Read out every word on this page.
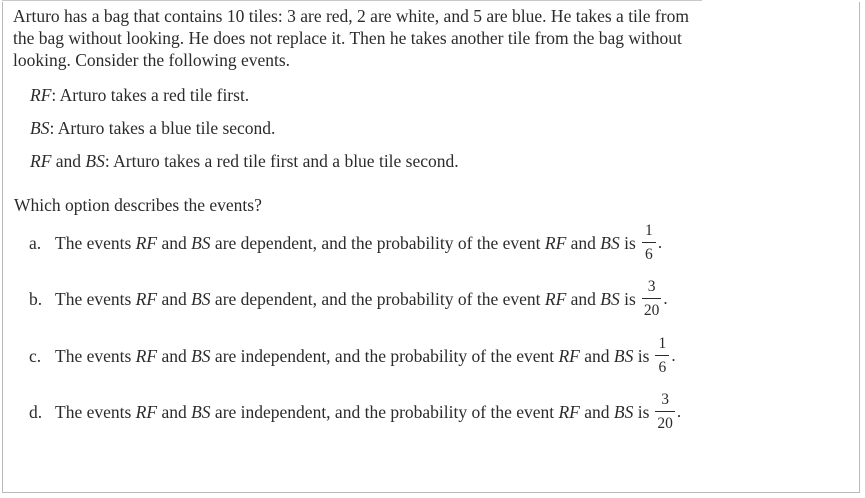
Arturo has a bag that contains 10 tiles: 3 are red, 2 are white, and 5 are blue. He takes a tile from the bag without looking. He does not replace it. Then he takes another tile from the bag without looking. Consider the following events.

RF: Arturo takes a red tile first.

BS: Arturo takes a blue tile second.

RF and BS: Arturo takes a red tile first and a blue tile second.

Which option describes the events?

a. The events RF and BS are dependent, and the probability of the event RF and BS is $\frac{1}{6}$ .
b. The events RF and BS are dependent, and the probability of the event RF and BS is $\frac{3}{20}$ .
c. The events RF and BS are independent, and the probability of the event RF and BS is $\frac{1}{6}$ .
d. The events RF and BS are independent, and the probability of the event RF and BS is $\frac{3}{20}$ .
